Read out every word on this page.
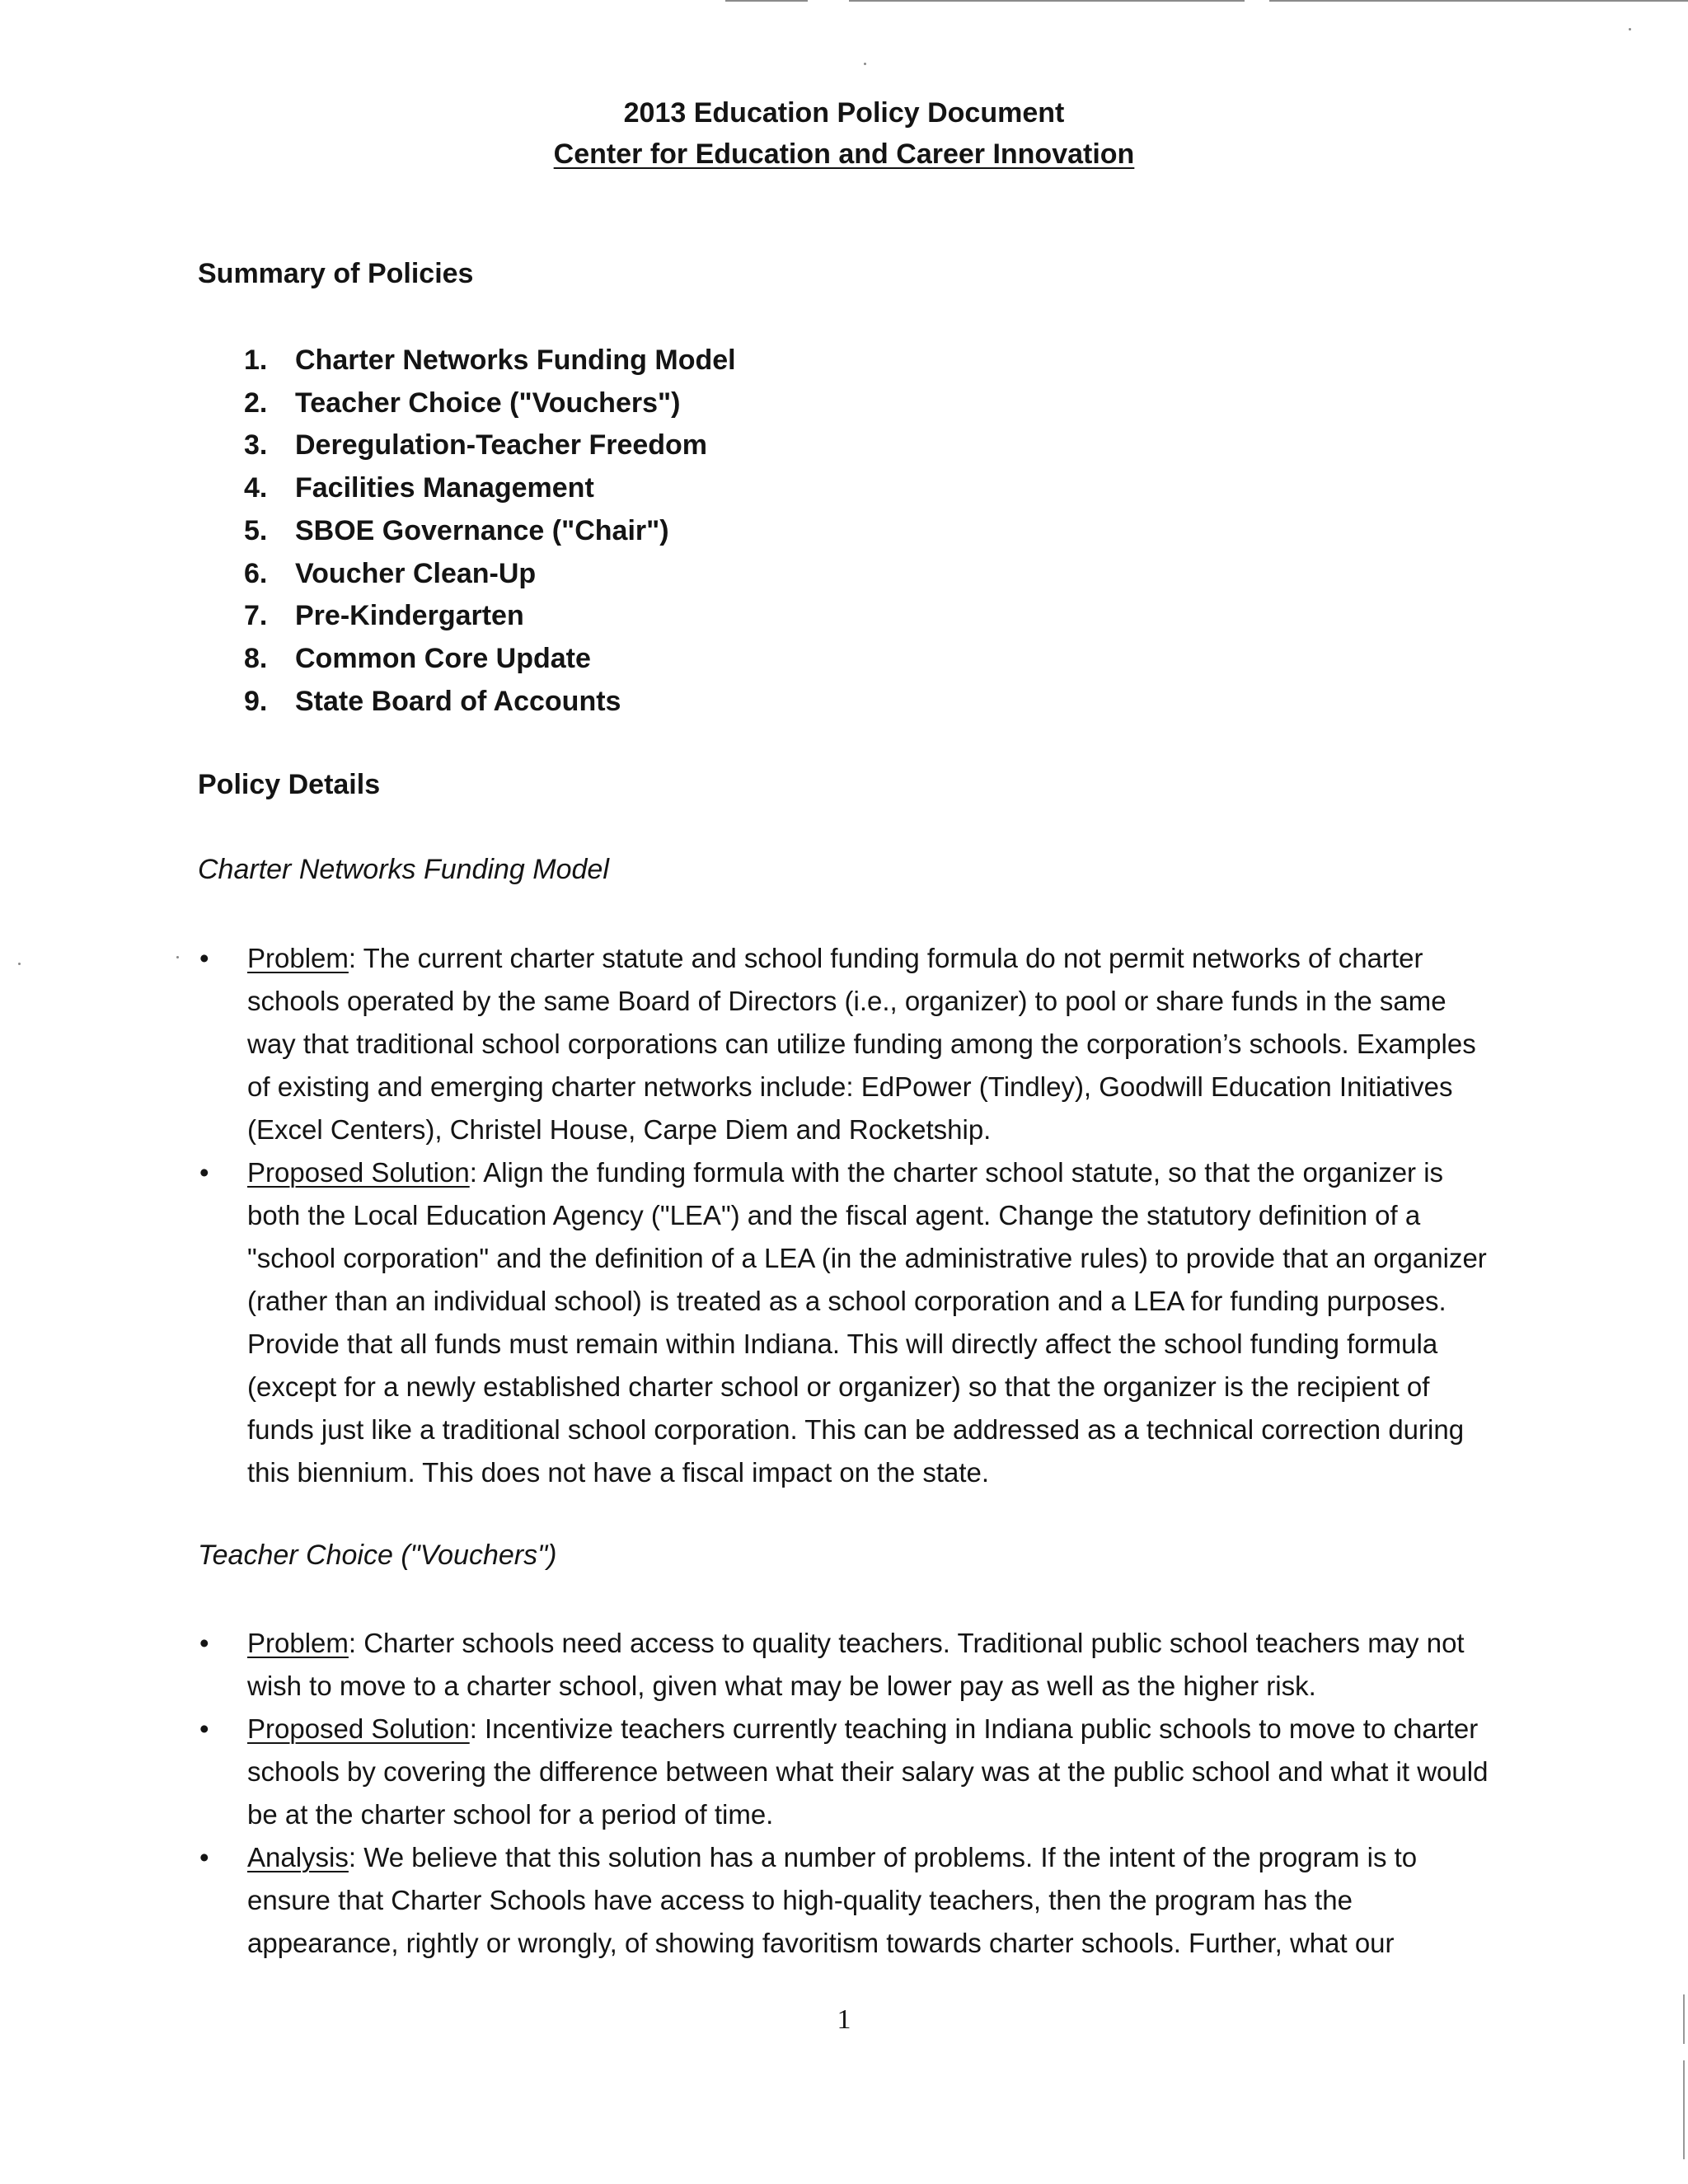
2013 Education Policy Document
Center for Education and Career Innovation
Summary of Policies
1. Charter Networks Funding Model
2. Teacher Choice ("Vouchers")
3. Deregulation-Teacher Freedom
4. Facilities Management
5. SBOE Governance ("Chair")
6. Voucher Clean-Up
7. Pre-Kindergarten
8. Common Core Update
9. State Board of Accounts
Policy Details
Charter Networks Funding Model
•	Problem: The current charter statute and school funding formula do not permit networks of charter schools operated by the same Board of Directors (i.e., organizer) to pool or share funds in the same way that traditional school corporations can utilize funding among the corporation’s schools. Examples of existing and emerging charter networks include: EdPower (Tindley), Goodwill Education Initiatives (Excel Centers), Christel House, Carpe Diem and Rocketship.
•	Proposed Solution: Align the funding formula with the charter school statute, so that the organizer is both the Local Education Agency ("LEA") and the fiscal agent. Change the statutory definition of a "school corporation" and the definition of a LEA (in the administrative rules) to provide that an organizer (rather than an individual school) is treated as a school corporation and a LEA for funding purposes. Provide that all funds must remain within Indiana. This will directly affect the school funding formula (except for a newly established charter school or organizer) so that the organizer is the recipient of funds just like a traditional school corporation. This can be addressed as a technical correction during this biennium. This does not have a fiscal impact on the state.
Teacher Choice ("Vouchers")
•	Problem: Charter schools need access to quality teachers. Traditional public school teachers may not wish to move to a charter school, given what may be lower pay as well as the higher risk.
•	Proposed Solution: Incentivize teachers currently teaching in Indiana public schools to move to charter schools by covering the difference between what their salary was at the public school and what it would be at the charter school for a period of time.
•	Analysis: We believe that this solution has a number of problems. If the intent of the program is to ensure that Charter Schools have access to high-quality teachers, then the program has the appearance, rightly or wrongly, of showing favoritism towards charter schools. Further, what our
1
